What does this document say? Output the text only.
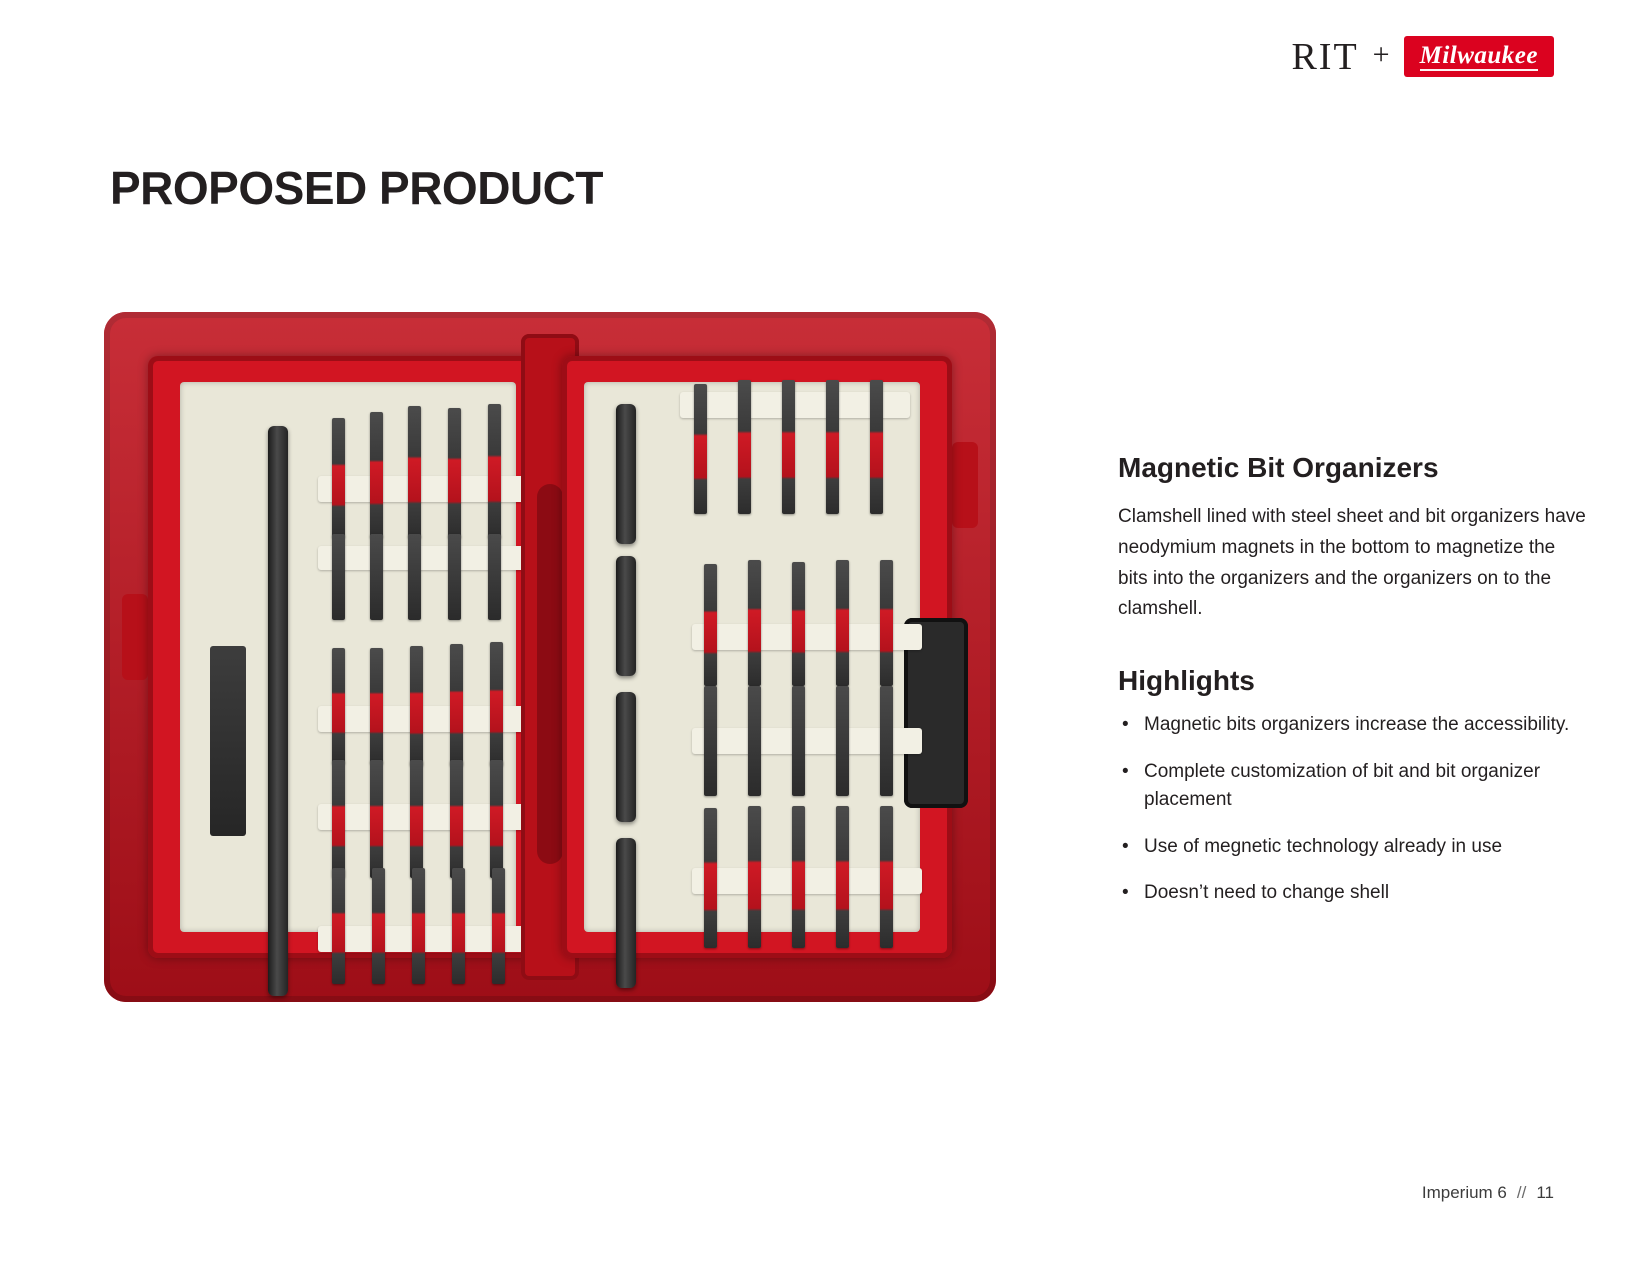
RIT +	Milwaukee
PROPOSED PRODUCT
Magnetic Bit Organizers

Clamshell lined with steel sheet and bit organizers have neodymium magnets in the bottom to magnetize the bits into the organizers and the organizers on to the clamshell.

Highlights
• Magnetic bits organizers increase the accessibility.
• Complete customization of bit and bit organizer placement
• Use of megnetic technology already in use
• Doesn’t need to change shell
Imperium 6 // 11
